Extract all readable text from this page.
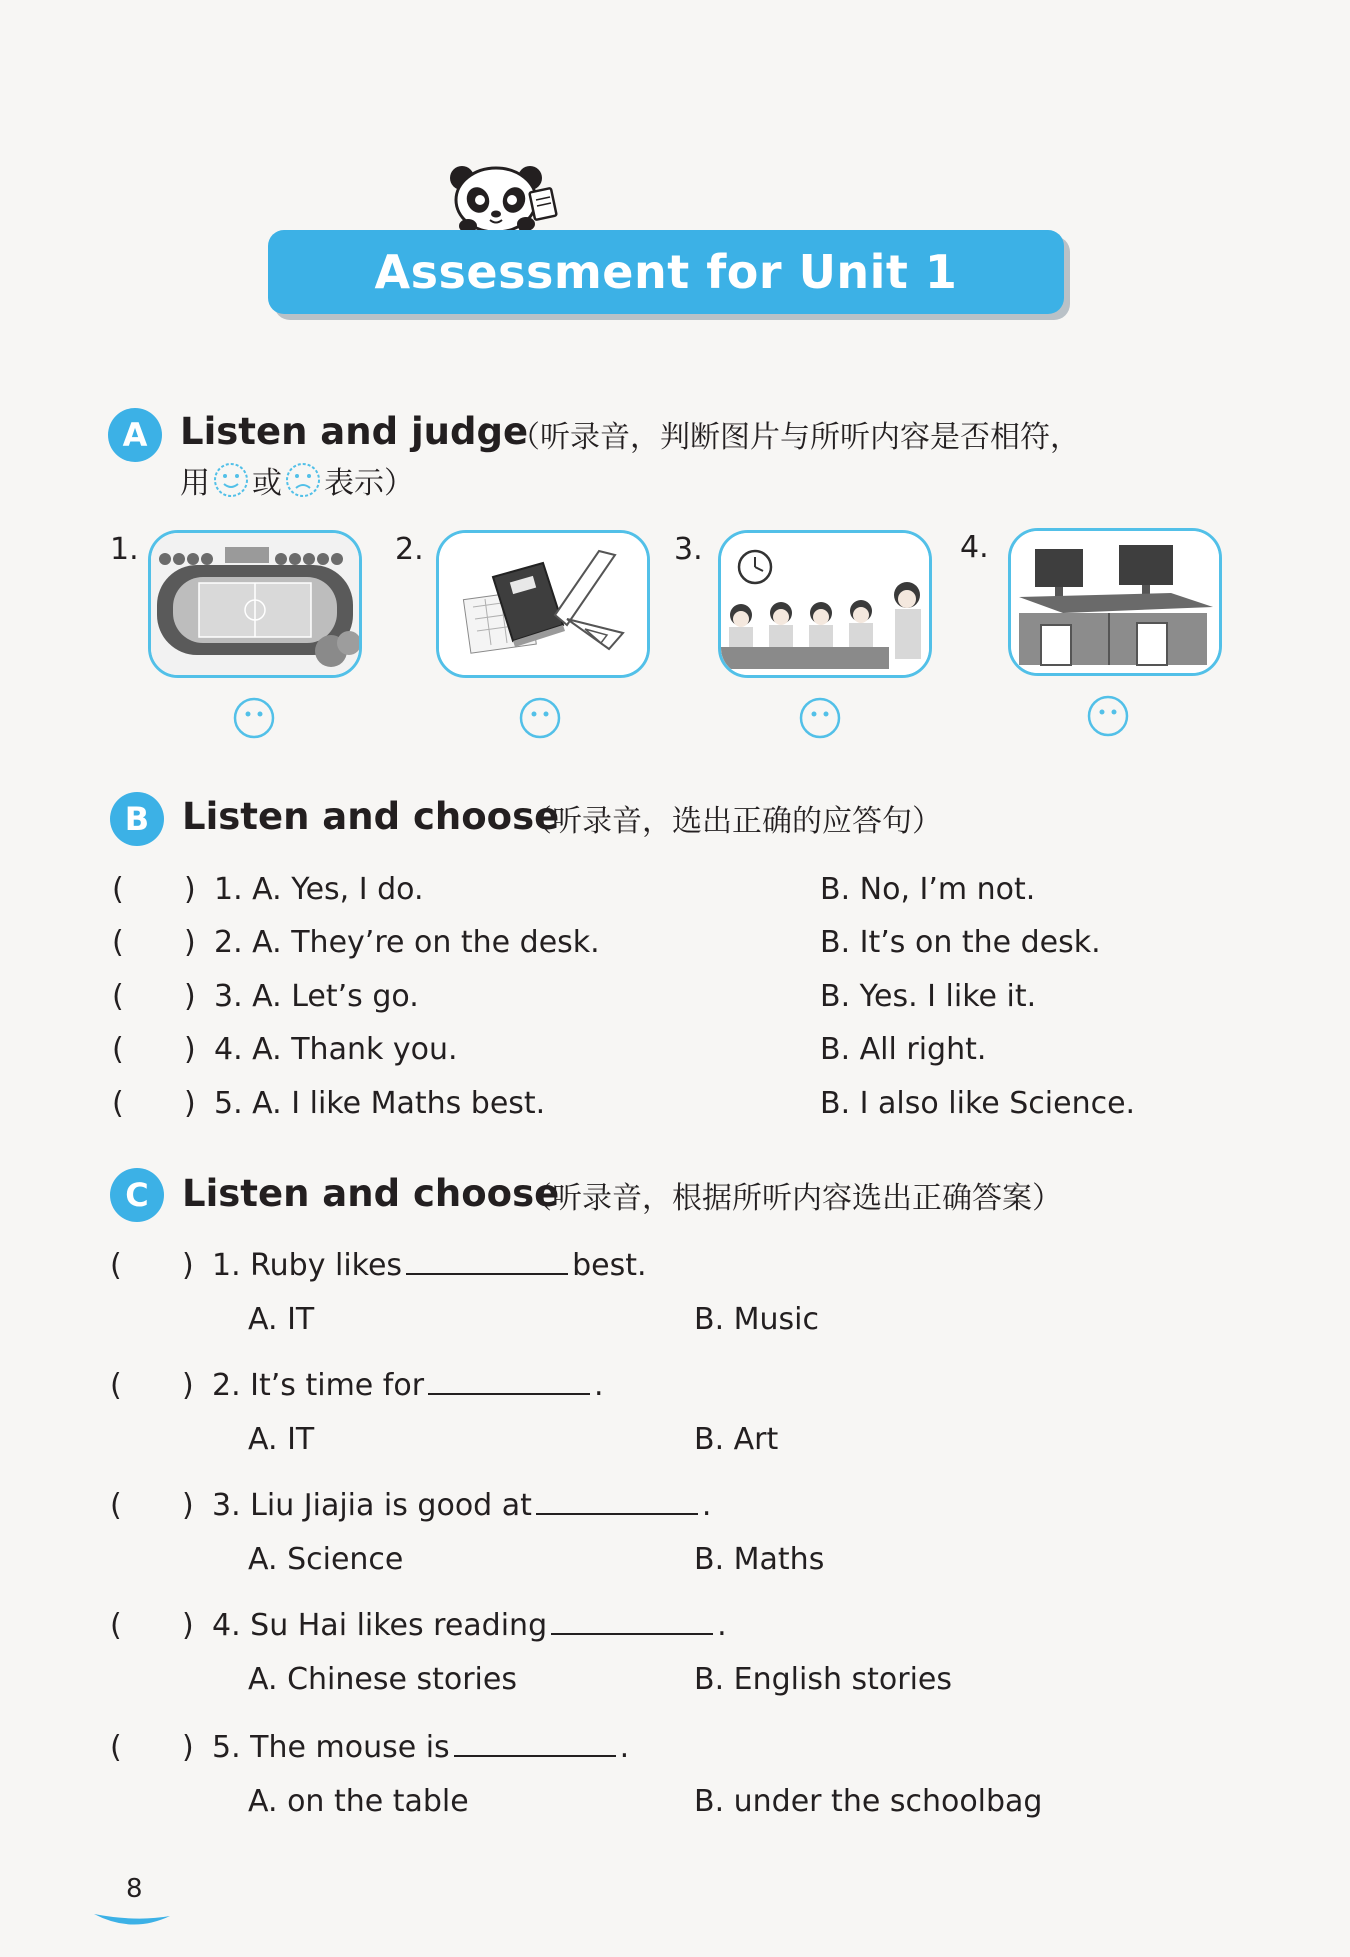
Assessment for Unit 1
A Listen and judge
（听录音，判断图片与所听内容是否相符，
用 或 表示）
1.	2.	3.	4.
B Listen and choose
（听录音，选出正确的应答句）
( ) 1. A. Yes, I do.	B. No, I’m not.
( ) 2. A. They’re on the desk.	B. It’s on the desk.
( ) 3. A. Let’s go.	B. Yes. I like it.
( ) 4. A. Thank you.	B. All right.
( ) 5. A. I like Maths best.	B. I also like Science.
C Listen and choose
（听录音，根据所听内容选出正确答案）
( ) 1. Ruby likes	best.
A. IT	B. Music
( ) 2. It’s time for	.
A. IT	B. Art
( ) 3. Liu Jiajia is good at	.
A. Science	B. Maths
( ) 4. Su Hai likes reading	.
A. Chinese stories	B. English stories
( ) 5. The mouse is	.
A. on the table	B. under the schoolbag
8
